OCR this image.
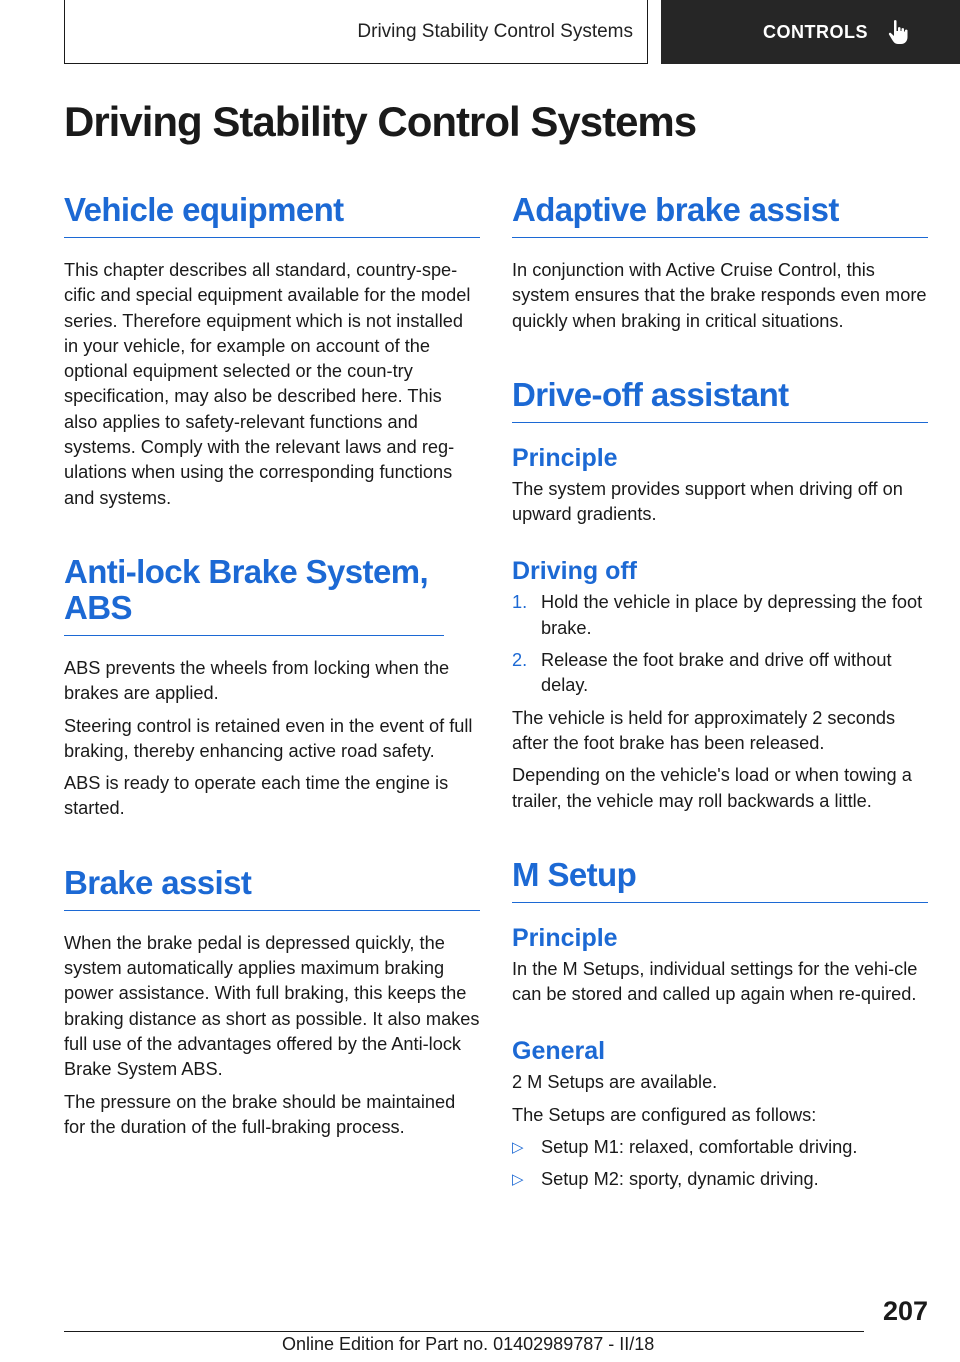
Driving Stability Control Systems	CONTROLS
Driving Stability Control Systems
Vehicle equipment

This chapter describes all standard, country-spe‐cific and special equipment available for the model series. Therefore equipment which is not installed in your vehicle, for example on account of the optional equipment selected or the coun‐try specification, may also be described here. This also applies to safety-relevant functions and systems. Comply with the relevant laws and reg‐ulations when using the corresponding functions and systems.

Anti-lock Brake System, ABS

ABS prevents the wheels from locking when the brakes are applied.

Steering control is retained even in the event of full braking, thereby enhancing active road safety.

ABS is ready to operate each time the engine is started.

Brake assist

When the brake pedal is depressed quickly, the system automatically applies maximum braking power assistance. With full braking, this keeps the braking distance as short as possible. It also makes full use of the advantages offered by the Anti-lock Brake System ABS.

The pressure on the brake should be maintained for the duration of the full-braking process.

Adaptive brake assist

In conjunction with Active Cruise Control, this system ensures that the brake responds even more quickly when braking in critical situations.

Drive-off assistant
Principle

The system provides support when driving off on upward gradients.

Driving off
1. Hold the vehicle in place by depressing the foot brake.
2. Release the foot brake and drive off without delay.

The vehicle is held for approximately 2 seconds after the foot brake has been released.

Depending on the vehicle's load or when towing a trailer, the vehicle may roll backwards a little.

M Setup
Principle

In the M Setups, individual settings for the vehi‐cle can be stored and called up again when re‐quired.

General

2 M Setups are available.

The Setups are configured as follows:

▷ Setup M1: relaxed, comfortable driving.
▷ Setup M2: sporty, dynamic driving.
207
Online Edition for Part no. 01402989787 - II/18
